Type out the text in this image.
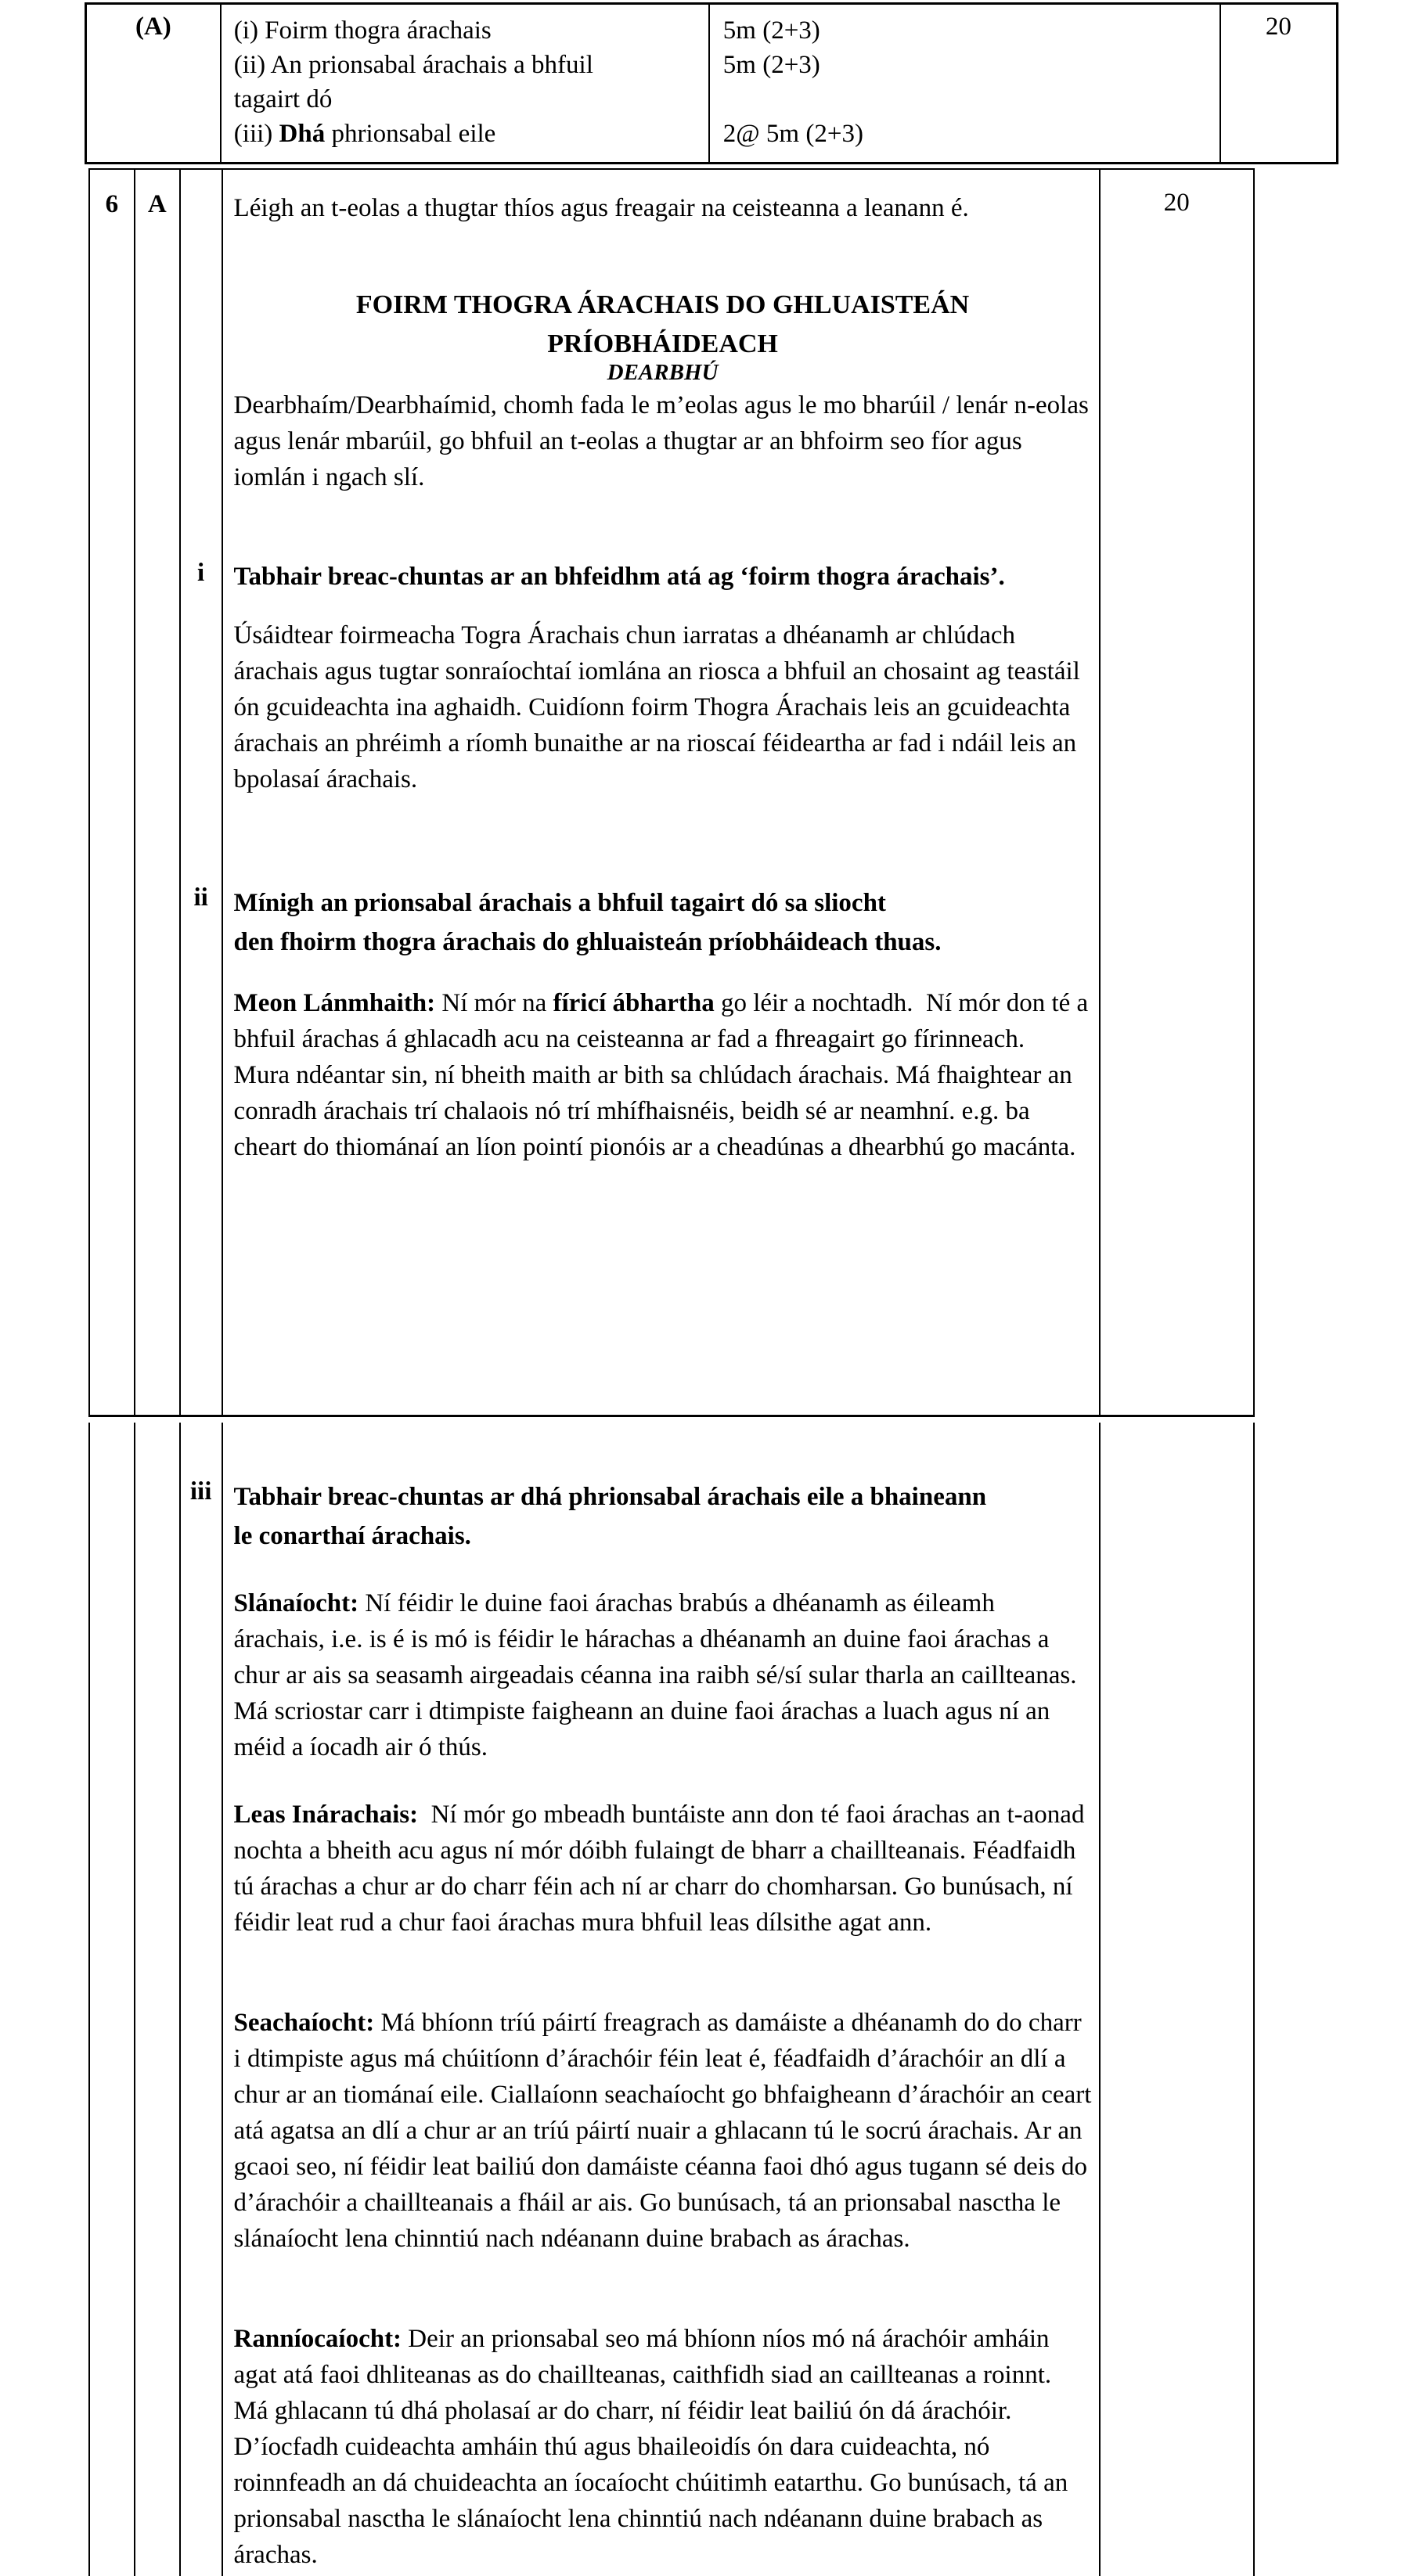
(A)	(i) Foirm thogra árachais
(ii) An prionsabal árachais a bhfuil
tagairt dó
(iii) Dhá phrionsabal eile
5m (2+3)
5m (2+3)

2@ 5m (2+3)
20
6	A
i
ii
Léigh an t-eolas a thugtar thíos agus freagair na ceisteanna a leanann é.
FOIRM THOGRA ÁRACHAIS DO GHLUAISTEÁN
PRÍOBHÁIDEACH
DEARBHÚ
Dearbhaím/Dearbhaímid, chomh fada le m’eolas agus le mo bharúil / lenár n-eolas agus lenár mbarúil, go bhfuil an t-eolas a thugtar ar an bhfoirm seo fíor agus iomlán i ngach slí.
Tabhair breac-chuntas ar an bhfeidhm atá ag ‘foirm thogra árachais’.
Úsáidtear foirmeacha Togra Árachais chun iarratas a dhéanamh ar chlúdach árachais agus tugtar sonraíochtaí iomlána an riosca a bhfuil an chosaint ag teastáil ón gcuideachta ina aghaidh. Cuidíonn foirm Thogra Árachais leis an gcuideachta árachais an phréimh a ríomh bunaithe ar na rioscaí féideartha ar fad i ndáil leis an bpolasaí árachais.
Mínigh an prionsabal árachais a bhfuil tagairt dó sa sliocht
den fhoirm thogra árachais do ghluaisteán príobháideach thuas.
Meon Lánmhaith: Ní mór na fíricí ábhartha go léir a nochtadh.  Ní mór don té a bhfuil árachas á ghlacadh acu na ceisteanna ar fad a fhreagairt go fírinneach.  Mura ndéantar sin, ní bheith maith ar bith sa chlúdach árachais. Má fhaightear an conradh árachais trí chalaois nó trí mhífhaisnéis, beidh sé ar neamhní. e.g. ba cheart do thiománaí an líon pointí pionóis ar a cheadúnas a dhearbhú go macánta.
20
iii Tabhair breac-chuntas ar dhá phrionsabal árachais eile a bhaineann
le conarthaí árachais.
Slánaíocht: Ní féidir le duine faoi árachas brabús a dhéanamh as éileamh árachais, i.e. is é is mó is féidir le hárachas a dhéanamh an duine faoi árachas a chur ar ais sa seasamh airgeadais céanna ina raibh sé/sí sular tharla an caillteanas. Má scriostar carr i dtimpiste faigheann an duine faoi árachas a luach agus ní an méid a íocadh air ó thús.
Leas Inárachais:  Ní mór go mbeadh buntáiste ann don té faoi árachas an t-aonad nochta a bheith acu agus ní mór dóibh fulaingt de bharr a chaillteanais. Féadfaidh tú árachas a chur ar do charr féin ach ní ar charr do chomharsan. Go bunúsach, ní féidir leat rud a chur faoi árachas mura bhfuil leas dílsithe agat ann.
Seachaíocht: Má bhíonn tríú páirtí freagrach as damáiste a dhéanamh do do charr i dtimpiste agus má chúitíonn d’árachóir féin leat é, féadfaidh d’árachóir an dlí a chur ar an tiománaí eile. Ciallaíonn seachaíocht go bhfaigheann d’árachóir an ceart atá agatsa an dlí a chur ar an tríú páirtí nuair a ghlacann tú le socrú árachais. Ar an gcaoi seo, ní féidir leat bailiú don damáiste céanna faoi dhó agus tugann sé deis do d’árachóir a chaillteanais a fháil ar ais. Go bunúsach, tá an prionsabal nasctha le slánaíocht lena chinntiú nach ndéanann duine brabach as árachas.
Ranníocaíocht: Deir an prionsabal seo má bhíonn níos mó ná árachóir amháin agat atá faoi dhliteanas as do chaillteanas, caithfidh siad an caillteanas a roinnt. Má ghlacann tú dhá pholasaí ar do charr, ní féidir leat bailiú ón dá árachóir. D’íocfadh cuideachta amháin thú agus bhaileoidís ón dara cuideachta, nó roinnfeadh an dá chuideachta an íocaíocht chúitimh eatarthu. Go bunúsach, tá an prionsabal nasctha le slánaíocht lena chinntiú nach ndéanann duine brabach as árachas.
